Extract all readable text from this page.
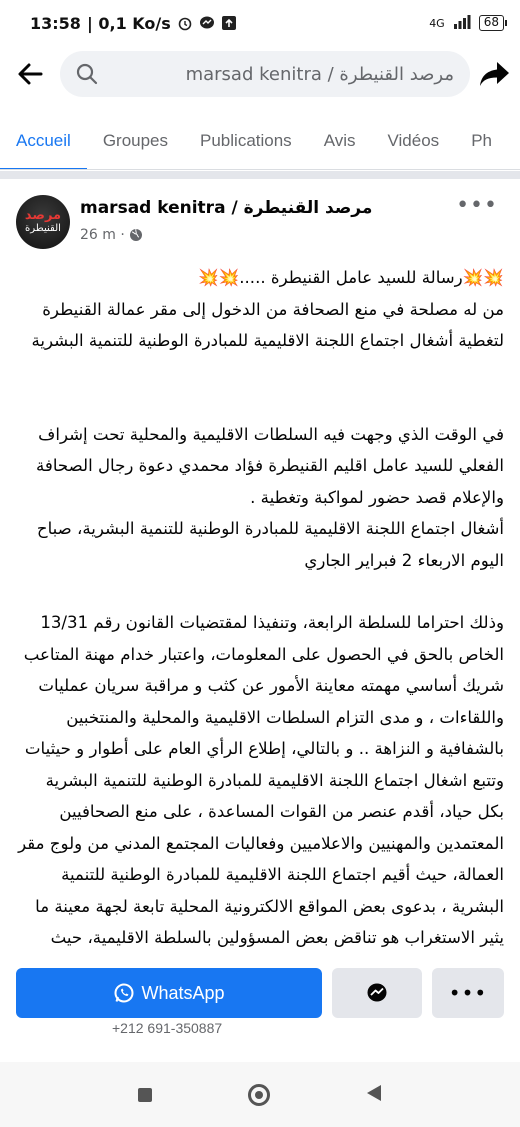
13:58 | 0,1 Ko/s	4G	68
marsad kenitra / مرصد القنيطرة
Accueil	Groupes	Publications	Avis	Vidéos	Ph
مرصد
القنيطرة
marsad kenitra / مرصد القنيطرة
26 m ·
•••

💥💥رسالة للسيد عامل القنيطرة .....💥💥

من له مصلحة في منع الصحافة من الدخول إلى مقر عمالة القنيطرة لتغطية أشغال اجتماع اللجنة الاقليمية للمبادرة الوطنية للتنمية البشرية

في الوقت الذي وجهت فيه السلطات الاقليمية والمحلية تحت إشراف الفعلي للسيد عامل اقليم القنيطرة فؤاد محمدي دعوة رجال الصحافة والإعلام قصد حضور لمواكبة وتغطية .

أشغال اجتماع اللجنة الاقليمية للمبادرة الوطنية للتنمية البشرية، صباح اليوم الاربعاء 2 فبراير الجاري

وذلك احتراما للسلطة الرابعة، وتنفيذا لمقتضيات القانون رقم 13/31 الخاص بالحق في الحصول على المعلومات، واعتبار خدام مهنة المتاعب شريك أساسي مهمته معاينة الأمور عن كثب و مراقبة سريان عمليات واللقاءات ، و مدى التزام السلطات الاقليمية والمحلية والمنتخبين بالشفافية و النزاهة .. و بالتالي، إطلاع الرأي العام على أطوار و حيثيات وتتبع اشغال اجتماع اللجنة الاقليمية للمبادرة الوطنية للتنمية البشرية بكل حياد، أقدم عنصر من القوات المساعدة ، على منع الصحافيين المعتمدين والمهنيين والاعلاميين وفعاليات المجتمع المدني من ولوج مقر العمالة، حيث أقيم اجتماع اللجنة الاقليمية للمبادرة الوطنية للتنمية البشرية ، بدعوى بعض المواقع الالكترونية المحلية تابعة لجهة معينة ما يثير الاستغراب هو تناقض بعض المسؤولين بالسلطة الاقليمية، حيث

WhatsApp	•••
+212 691-350887
